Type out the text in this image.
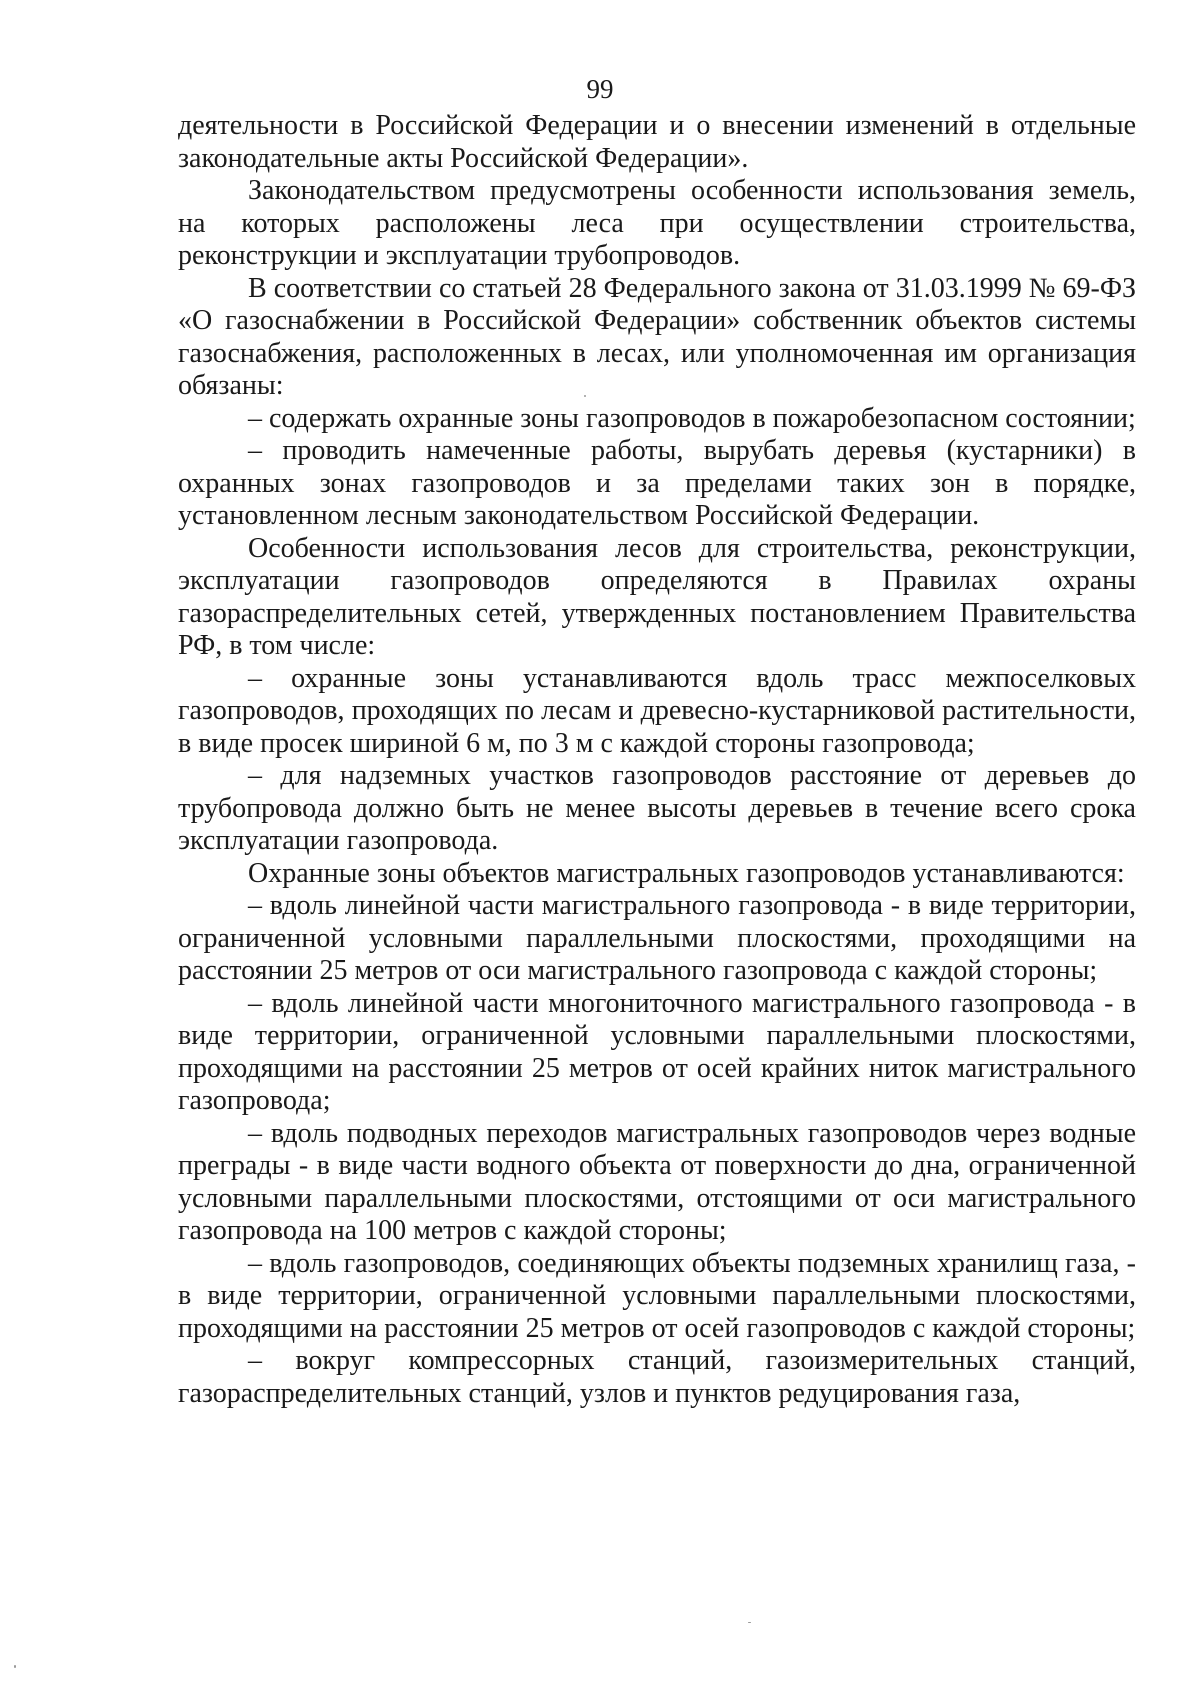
99

деятельности в Российской Федерации и о внесении изменений в отдельные законодательные акты Российской Федерации».

Законодательством предусмотрены особенности использования земель, на которых расположены леса при осуществлении строительства, реконструкции и эксплуатации трубопроводов.

В соответствии со статьей 28 Федерального закона от 31.03.1999 № 69-ФЗ «О газоснабжении в Российской Федерации» собственник объектов системы газоснабжения, расположенных в лесах, или уполномоченная им организация обязаны:

– содержать охранные зоны газопроводов в пожаробезопасном состоянии;

– проводить намеченные работы, вырубать деревья (кустарники) в охранных зонах газопроводов и за пределами таких зон в порядке, установленном лесным законодательством Российской Федерации.

Особенности использования лесов для строительства, реконструкции, эксплуатации газопроводов определяются в Правилах охраны газораспределительных сетей, утвержденных постановлением Правительства РФ, в том числе:

– охранные зоны устанавливаются вдоль трасс межпоселковых газопроводов, проходящих по лесам и древесно-кустарниковой растительности, в виде просек шириной 6 м, по 3 м с каждой стороны газопровода;

– для надземных участков газопроводов расстояние от деревьев до трубопровода должно быть не менее высоты деревьев в течение всего срока эксплуатации газопровода.

Охранные зоны объектов магистральных газопроводов устанавливаются:

– вдоль линейной части магистрального газопровода - в виде территории, ограниченной условными параллельными плоскостями, проходящими на расстоянии 25 метров от оси магистрального газопровода с каждой стороны;

– вдоль линейной части многониточного магистрального газопровода - в виде территории, ограниченной условными параллельными плоскостями, проходящими на расстоянии 25 метров от осей крайних ниток магистрального газопровода;

– вдоль подводных переходов магистральных газопроводов через водные преграды - в виде части водного объекта от поверхности до дна, ограниченной условными параллельными плоскостями, отстоящими от оси магистрального газопровода на 100 метров с каждой стороны;

– вдоль газопроводов, соединяющих объекты подземных хранилищ газа, - в виде территории, ограниченной условными параллельными плоскостями, проходящими на расстоянии 25 метров от осей газопроводов с каждой стороны;

– вокруг компрессорных станций, газоизмерительных станций, газораспределительных станций, узлов и пунктов редуцирования газа,
